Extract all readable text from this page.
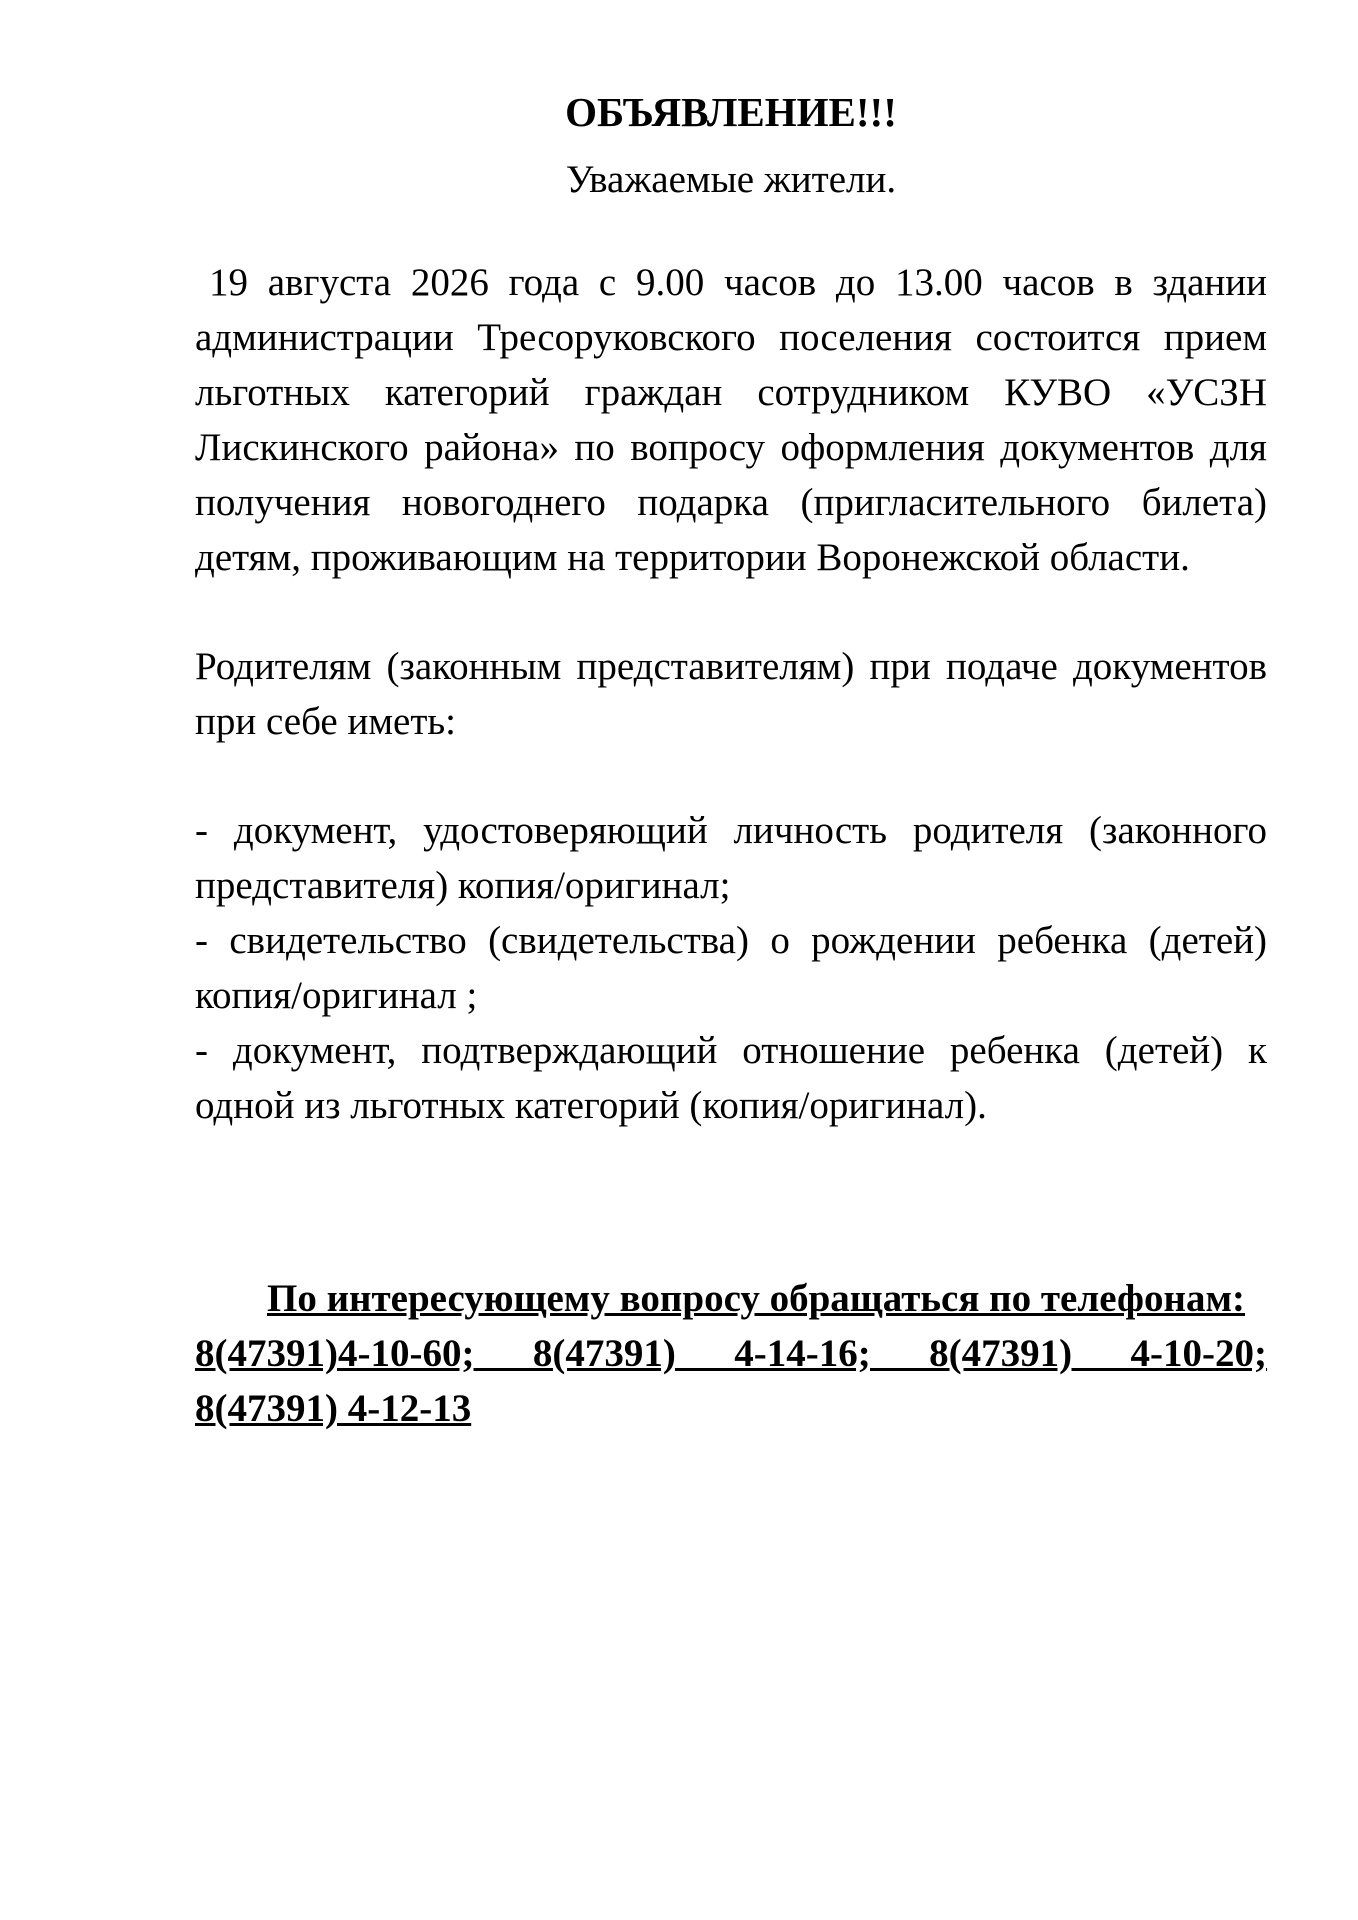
ОБЪЯВЛЕНИЕ!!!

Уважаемые жители.

19 августа 2026 года с 9.00 часов до 13.00 часов в здании администрации Тресоруковского поселения состоится прием льготных категорий граждан сотрудником КУВО «УСЗН Лискинского района» по вопросу оформления документов для получения новогоднего подарка (пригласительного билета) детям, проживающим на территории Воронежской области.

Родителям (законным представителям) при подаче документов при себе иметь:

- документ, удостоверяющий личность родителя (законного представителя) копия/оригинал;
- свидетельство (свидетельства) о рождении ребенка (детей) копия/оригинал ;
- документ, подтверждающий отношение ребенка (детей) к одной из льготных категорий (копия/оригинал).

По интересующему вопросу обращаться по телефонам:

8(47391)4-10-60; 8(47391) 4-14-16; 8(47391) 4-10-20;

8(47391) 4-12-13
